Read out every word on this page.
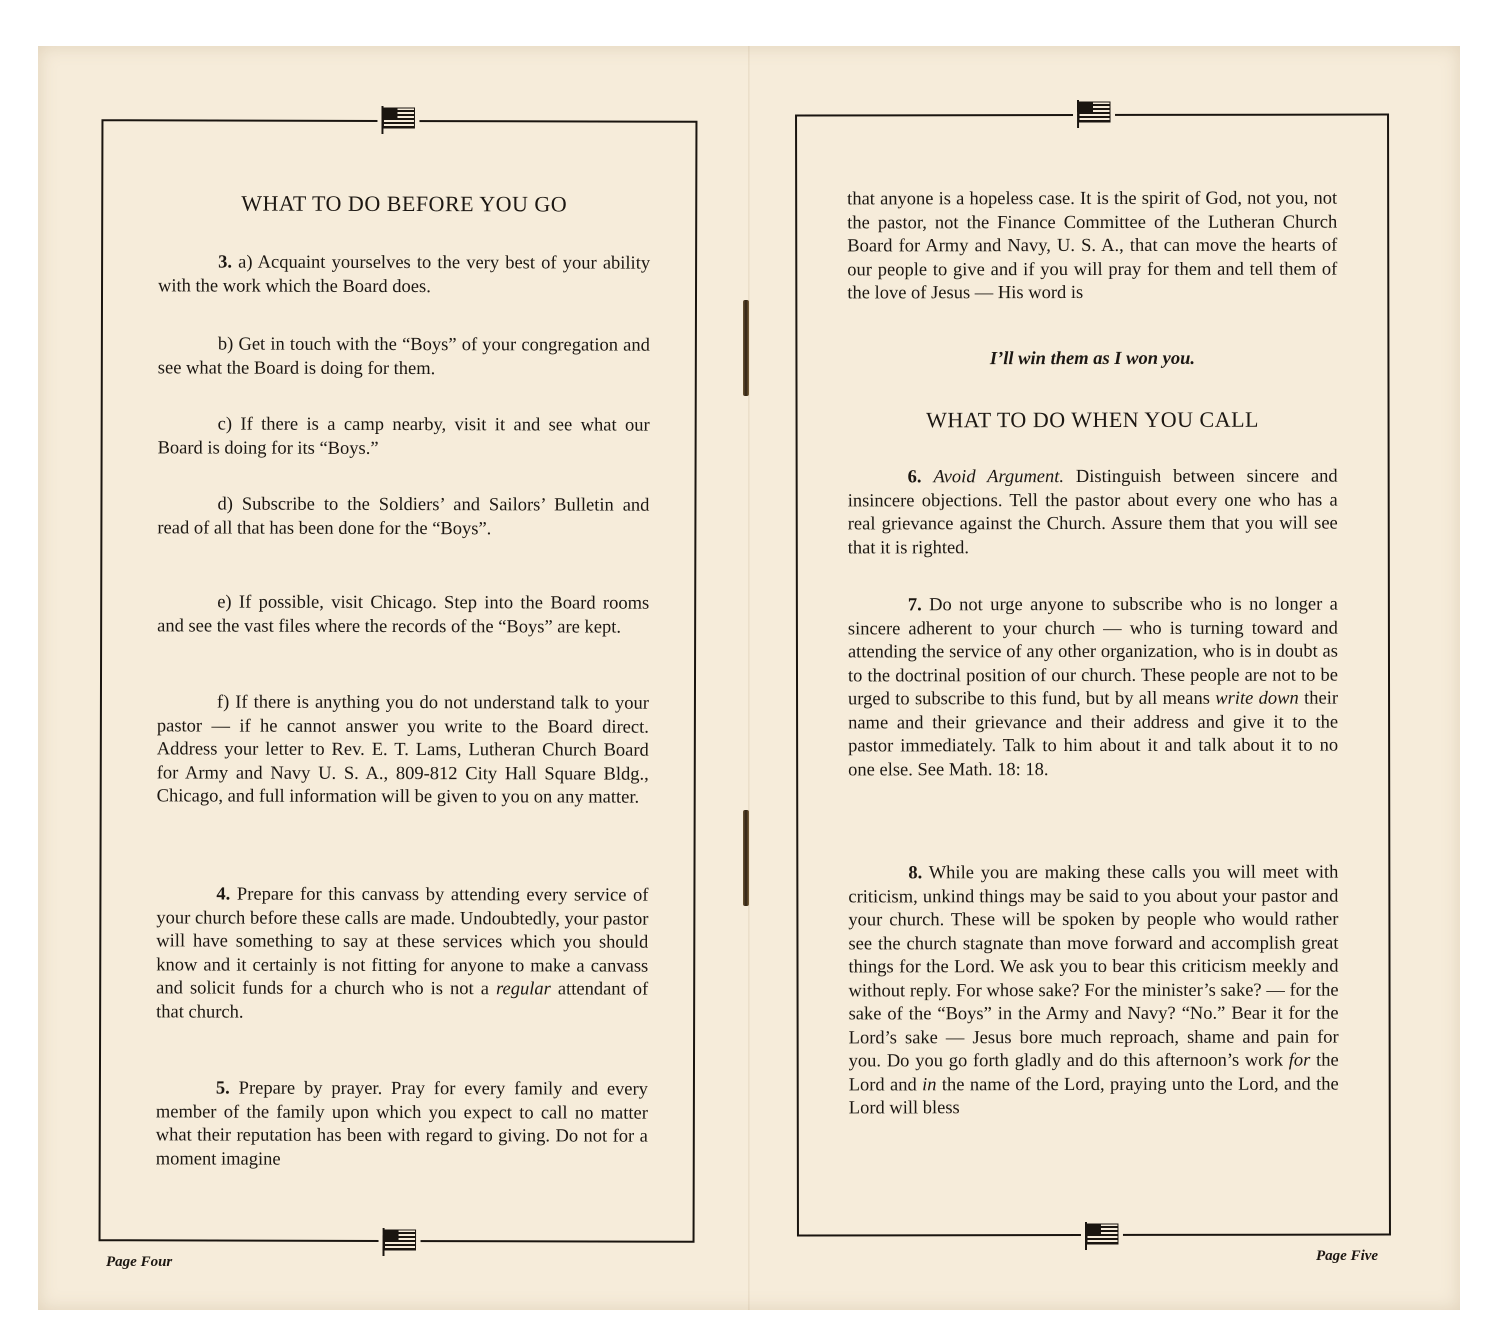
WHAT TO DO BEFORE YOU GO

3. a) Acquaint yourselves to the very best of your ability with the work which the Board does.

b) Get in touch with the “Boys” of your congregation and see what the Board is doing for them.

c) If there is a camp nearby, visit it and see what our Board is doing for its “Boys.”

d) Subscribe to the Soldiers’ and Sailors’ Bulletin and read of all that has been done for the “Boys”.

e) If possible, visit Chicago. Step into the Board rooms and see the vast files where the records of the “Boys” are kept.

f) If there is anything you do not understand talk to your pastor — if he cannot answer you write to the Board direct. Address your letter to Rev. E. T. Lams, Lutheran Church Board for Army and Navy U. S. A., 809-812 City Hall Square Bldg., Chicago, and full information will be given to you on any matter.

4. Prepare for this canvass by attending every service of your church before these calls are made. Undoubtedly, your pastor will have something to say at these services which you should know and it certainly is not fitting for anyone to make a canvass and solicit funds for a church who is not a regular attendant of that church.

5. Prepare by prayer. Pray for every family and every member of the family upon which you expect to call no matter what their reputation has been with regard to giving. Do not for a moment imagine

Page Four

that anyone is a hopeless case. It is the spirit of God, not you, not the pastor, not the Finance Committee of the Lutheran Church Board for Army and Navy, U. S. A., that can move the hearts of our people to give and if you will pray for them and tell them of the love of Jesus — His word is

I’ll win them as I won you.

WHAT TO DO WHEN YOU CALL

6. Avoid Argument. Distinguish between sincere and insincere objections. Tell the pastor about every one who has a real grievance against the Church. Assure them that you will see that it is righted.

7. Do not urge anyone to subscribe who is no longer a sincere adherent to your church — who is turning toward and attending the service of any other organization, who is in doubt as to the doctrinal position of our church. These people are not to be urged to subscribe to this fund, but by all means write down their name and their grievance and their address and give it to the pastor immediately. Talk to him about it and talk about it to no one else. See Math. 18: 18.

8. While you are making these calls you will meet with criticism, unkind things may be said to you about your pastor and your church. These will be spoken by people who would rather see the church stagnate than move forward and accomplish great things for the Lord. We ask you to bear this criticism meekly and without reply. For whose sake? For the minister’s sake? — for the sake of the “Boys” in the Army and Navy? “No.” Bear it for the Lord’s sake — Jesus bore much reproach, shame and pain for you. Do you go forth gladly and do this afternoon’s work for the Lord and in the name of the Lord, praying unto the Lord, and the Lord will bless

Page Five
